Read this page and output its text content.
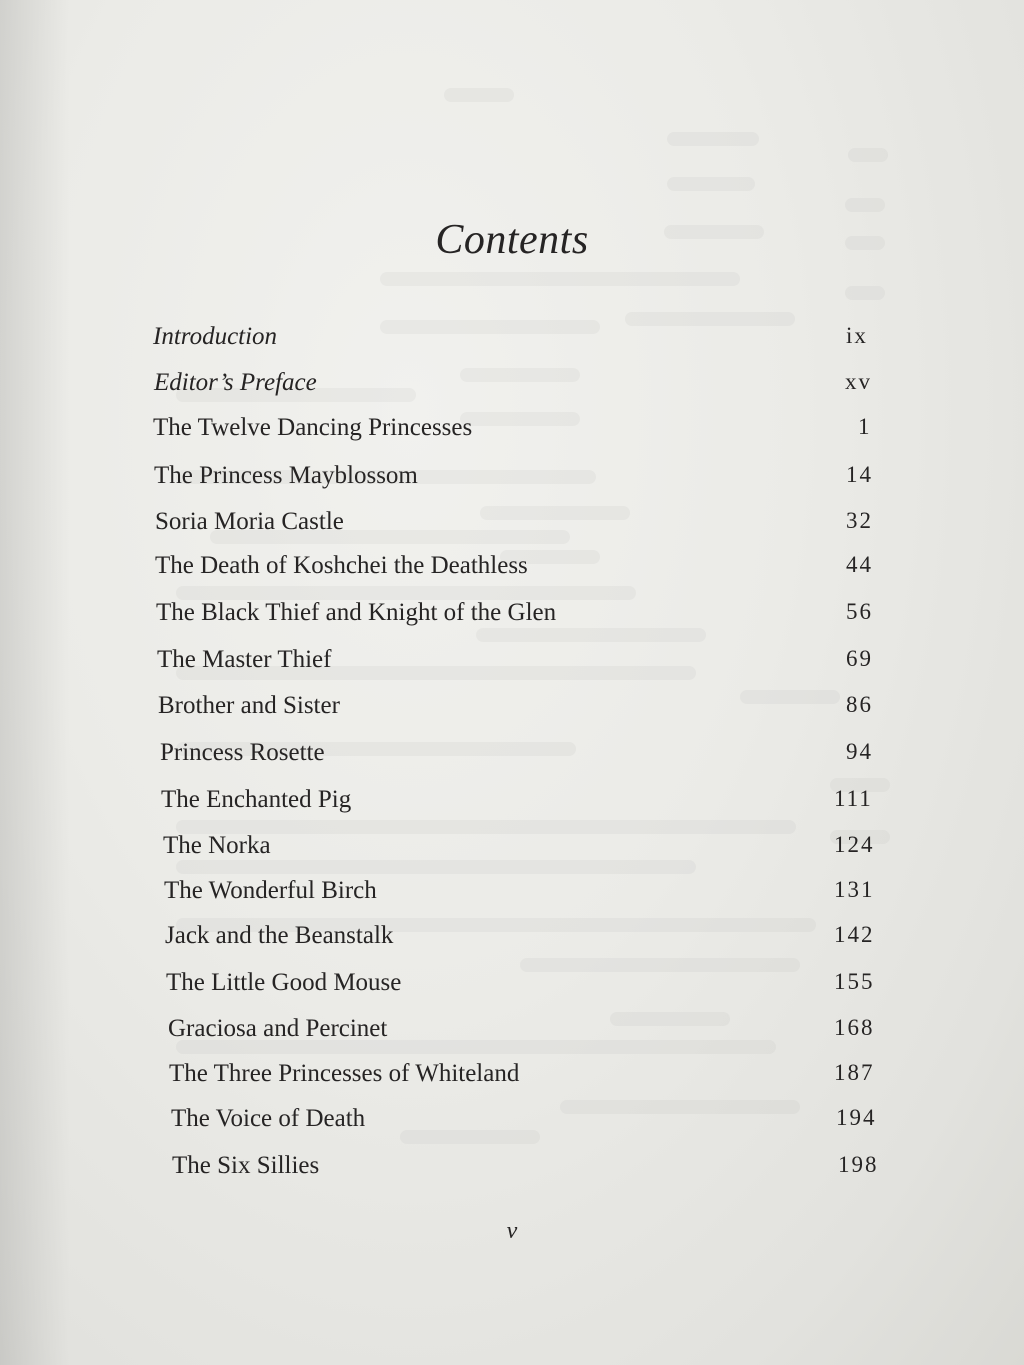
Contents
Introduction	ix
Editor’s Preface	xv
The Twelve Dancing Princesses	1
The Princess Mayblossom	14
Soria Moria Castle	32
The Death of Koshchei the Deathless	44
The Black Thief and Knight of the Glen	56
The Master Thief	69
Brother and Sister	86
Princess Rosette	94
The Enchanted Pig	111
The Norka	124
The Wonderful Birch	131
Jack and the Beanstalk	142
The Little Good Mouse	155
Graciosa and Percinet	168
The Three Princesses of Whiteland	187
The Voice of Death	194
The Six Sillies	198
v
